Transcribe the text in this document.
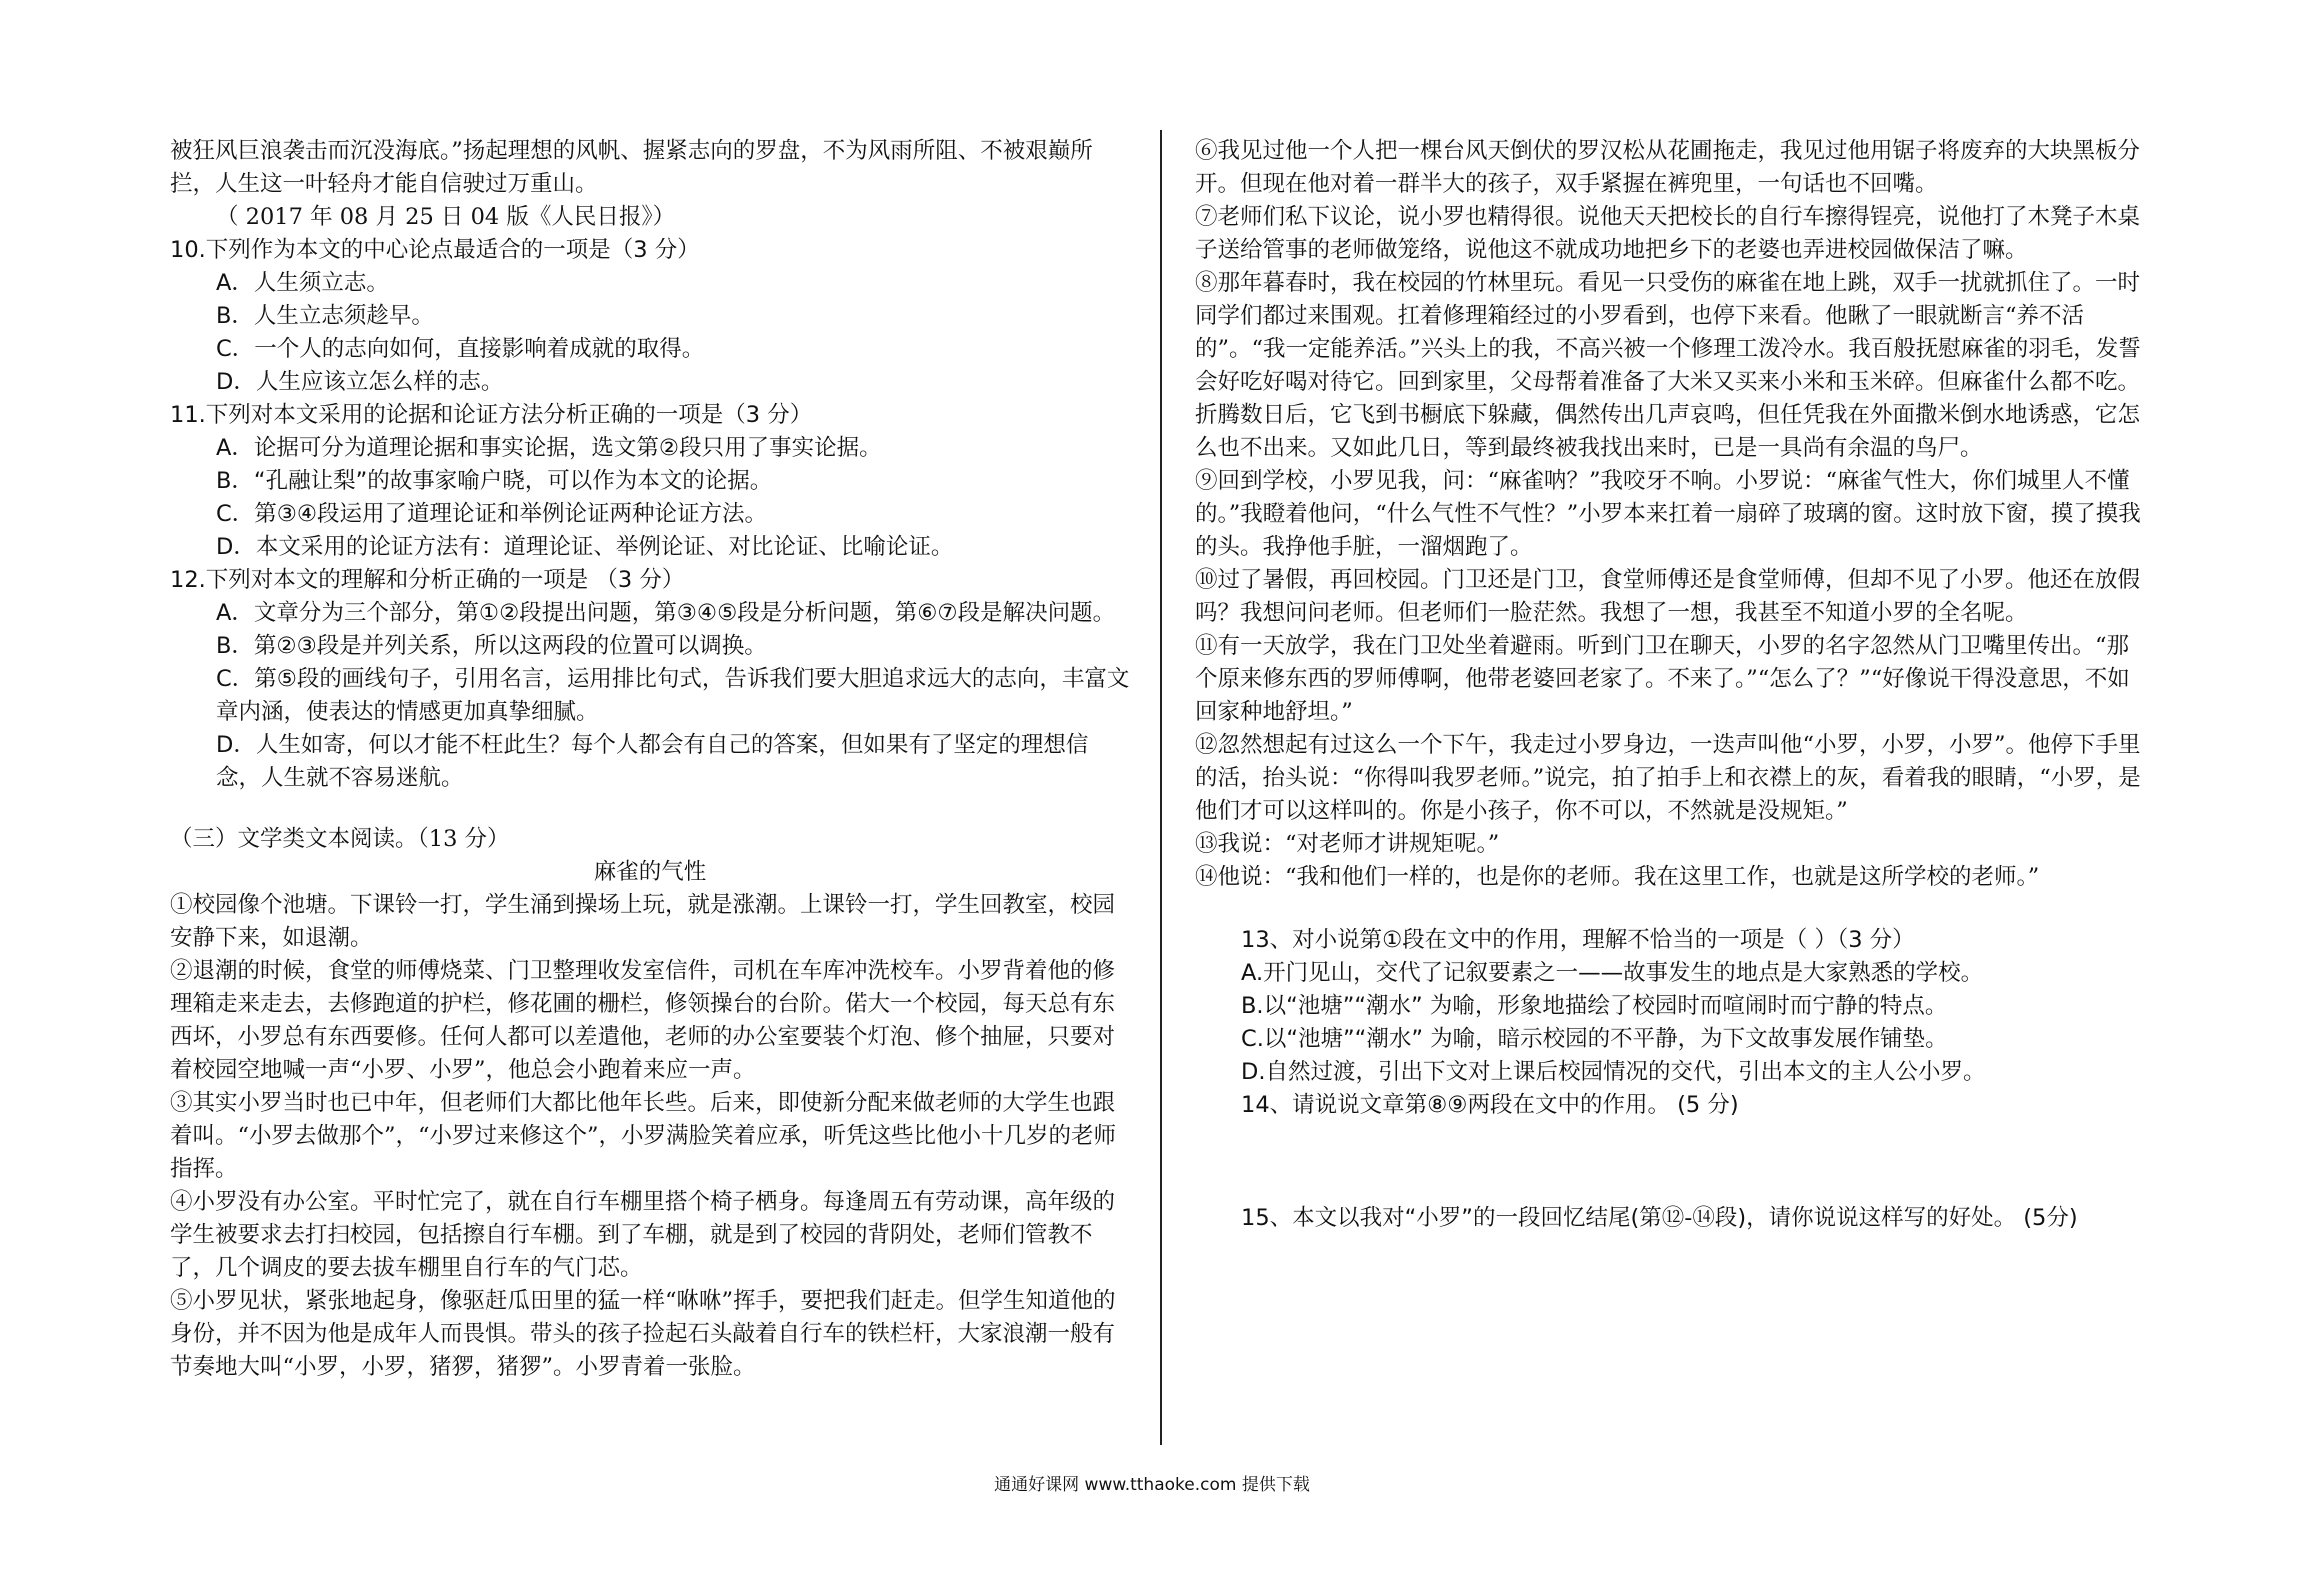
被狂风巨浪袭击而沉没海底。”扬起理想的风帆、握紧志向的罗盘，不为风雨所阻、不被艰巅所拦，人生这一叶轻舟才能自信驶过万重山。

（ 2017 年 08 月 25 日 04 版《人民日报》）

10.下列作为本文的中心论点最适合的一项是（3 分）

A．人生须立志。

B．人生立志须趁早。

C．一个人的志向如何，直接影响着成就的取得。

D．人生应该立怎么样的志。

11.下列对本文采用的论据和论证方法分析正确的一项是（3 分）

A．论据可分为道理论据和事实论据，选文第②段只用了事实论据。

B．“孔融让梨”的故事家喻户晓，可以作为本文的论据。

C．第③④段运用了道理论证和举例论证两种论证方法。

D．本文采用的论证方法有：道理论证、举例论证、对比论证、比喻论证。

12.下列对本文的理解和分析正确的一项是 （3 分）

A．文章分为三个部分，第①②段提出问题，第③④⑤段是分析问题，第⑥⑦段是解决问题。

B．第②③段是并列关系，所以这两段的位置可以调换。

C．第⑤段的画线句子，引用名言，运用排比句式，告诉我们要大胆追求远大的志向，丰富文章内涵，使表达的情感更加真挚细腻。

D．人生如寄，何以才能不枉此生？每个人都会有自己的答案，但如果有了坚定的理想信念，人生就不容易迷航。

（三）文学类文本阅读。（13 分）

麻雀的气性

①校园像个池塘。下课铃一打，学生涌到操场上玩，就是涨潮。上课铃一打，学生回教室，校园安静下来，如退潮。

②退潮的时候，食堂的师傅烧菜、门卫整理收发室信件，司机在车库冲洗校车。小罗背着他的修理箱走来走去，去修跑道的护栏，修花圃的栅栏，修领操台的台阶。偌大一个校园，每天总有东西坏，小罗总有东西要修。任何人都可以差遣他，老师的办公室要装个灯泡、修个抽屉，只要对着校园空地喊一声“小罗、小罗”，他总会小跑着来应一声。

③其实小罗当时也已中年，但老师们大都比他年长些。后来，即使新分配来做老师的大学生也跟着叫。“小罗去做那个”，“小罗过来修这个”，小罗满脸笑着应承，听凭这些比他小十几岁的老师指挥。

④小罗没有办公室。平时忙完了，就在自行车棚里搭个椅子栖身。每逢周五有劳动课，高年级的学生被要求去打扫校园，包括擦自行车棚。到了车棚，就是到了校园的背阴处，老师们管教不了，几个调皮的要去拔车棚里自行车的气门芯。

⑤小罗见状，紧张地起身，像驱赶瓜田里的猛一样“咻咻”挥手，要把我们赶走。但学生知道他的身份，并不因为他是成年人而畏惧。带头的孩子捡起石头敲着自行车的铁栏杆，大家浪潮一般有节奏地大叫“小罗，小罗，猪猡，猪猡”。小罗青着一张脸。

⑥我见过他一个人把一棵台风天倒伏的罗汉松从花圃拖走，我见过他用锯子将废弃的大块黑板分开。但现在他对着一群半大的孩子，双手紧握在裤兜里，一句话也不回嘴。

⑦老师们私下议论，说小罗也精得很。说他天天把校长的自行车擦得锃亮，说他打了木凳子木桌子送给管事的老师做笼络，说他这不就成功地把乡下的老婆也弄进校园做保洁了嘛。

⑧那年暮春时，我在校园的竹林里玩。看见一只受伤的麻雀在地上跳，双手一扰就抓住了。一时同学们都过来围观。扛着修理箱经过的小罗看到，也停下来看。他瞅了一眼就断言“养不活的”。“我一定能养活。”兴头上的我，不高兴被一个修理工泼冷水。我百般抚慰麻雀的羽毛，发誓会好吃好喝对待它。回到家里，父母帮着准备了大米又买来小米和玉米碎。但麻雀什么都不吃。折腾数日后，它飞到书橱底下躲藏，偶然传出几声哀鸣，但任凭我在外面撒米倒水地诱惑，它怎么也不出来。又如此几日，等到最终被我找出来时，已是一具尚有余温的鸟尸。

⑨回到学校，小罗见我，问：“麻雀呐？”我咬牙不响。小罗说：“麻雀气性大，你们城里人不懂的。”我瞪着他问，“什么气性不气性？”小罗本来扛着一扇碎了玻璃的窗。这时放下窗，摸了摸我的头。我挣他手脏，一溜烟跑了。

⑩过了暑假，再回校园。门卫还是门卫，食堂师傅还是食堂师傅，但却不见了小罗。他还在放假吗？我想问问老师。但老师们一脸茫然。我想了一想，我甚至不知道小罗的全名呢。

⑪有一天放学，我在门卫处坐着避雨。听到门卫在聊天，小罗的名字忽然从门卫嘴里传出。“那个原来修东西的罗师傅啊，他带老婆回老家了。不来了。”“怎么了？”“好像说干得没意思，不如回家种地舒坦。”

⑫忽然想起有过这么一个下午，我走过小罗身边，一迭声叫他“小罗，小罗，小罗”。他停下手里的活，抬头说：“你得叫我罗老师。”说完，拍了拍手上和衣襟上的灰，看着我的眼睛，“小罗，是他们才可以这样叫的。你是小孩子，你不可以，不然就是没规矩。”

⑬我说：“对老师才讲规矩呢。”

⑭他说：“我和他们一样的，也是你的老师。我在这里工作，也就是这所学校的老师。”

13、对小说第①段在文中的作用，理解不恰当的一项是（ ）（3 分）

A.开门见山，交代了记叙要素之一——故事发生的地点是大家熟悉的学校。

B.以“池塘”“潮水” 为喻，形象地描绘了校园时而喧闹时而宁静的特点。

C.以“池塘”“潮水” 为喻，暗示校园的不平静，为下文故事发展作铺垫。

D.自然过渡，引出下文对上课后校园情况的交代，引出本文的主人公小罗。

14、请说说文章第⑧⑨两段在文中的作用。 (5 分)

15、本文以我对“小罗”的一段回忆结尾(第⑫-⑭段)，请你说说这样写的好处。 (5分)

通通好课网 www.tthaoke.com 提供下载
